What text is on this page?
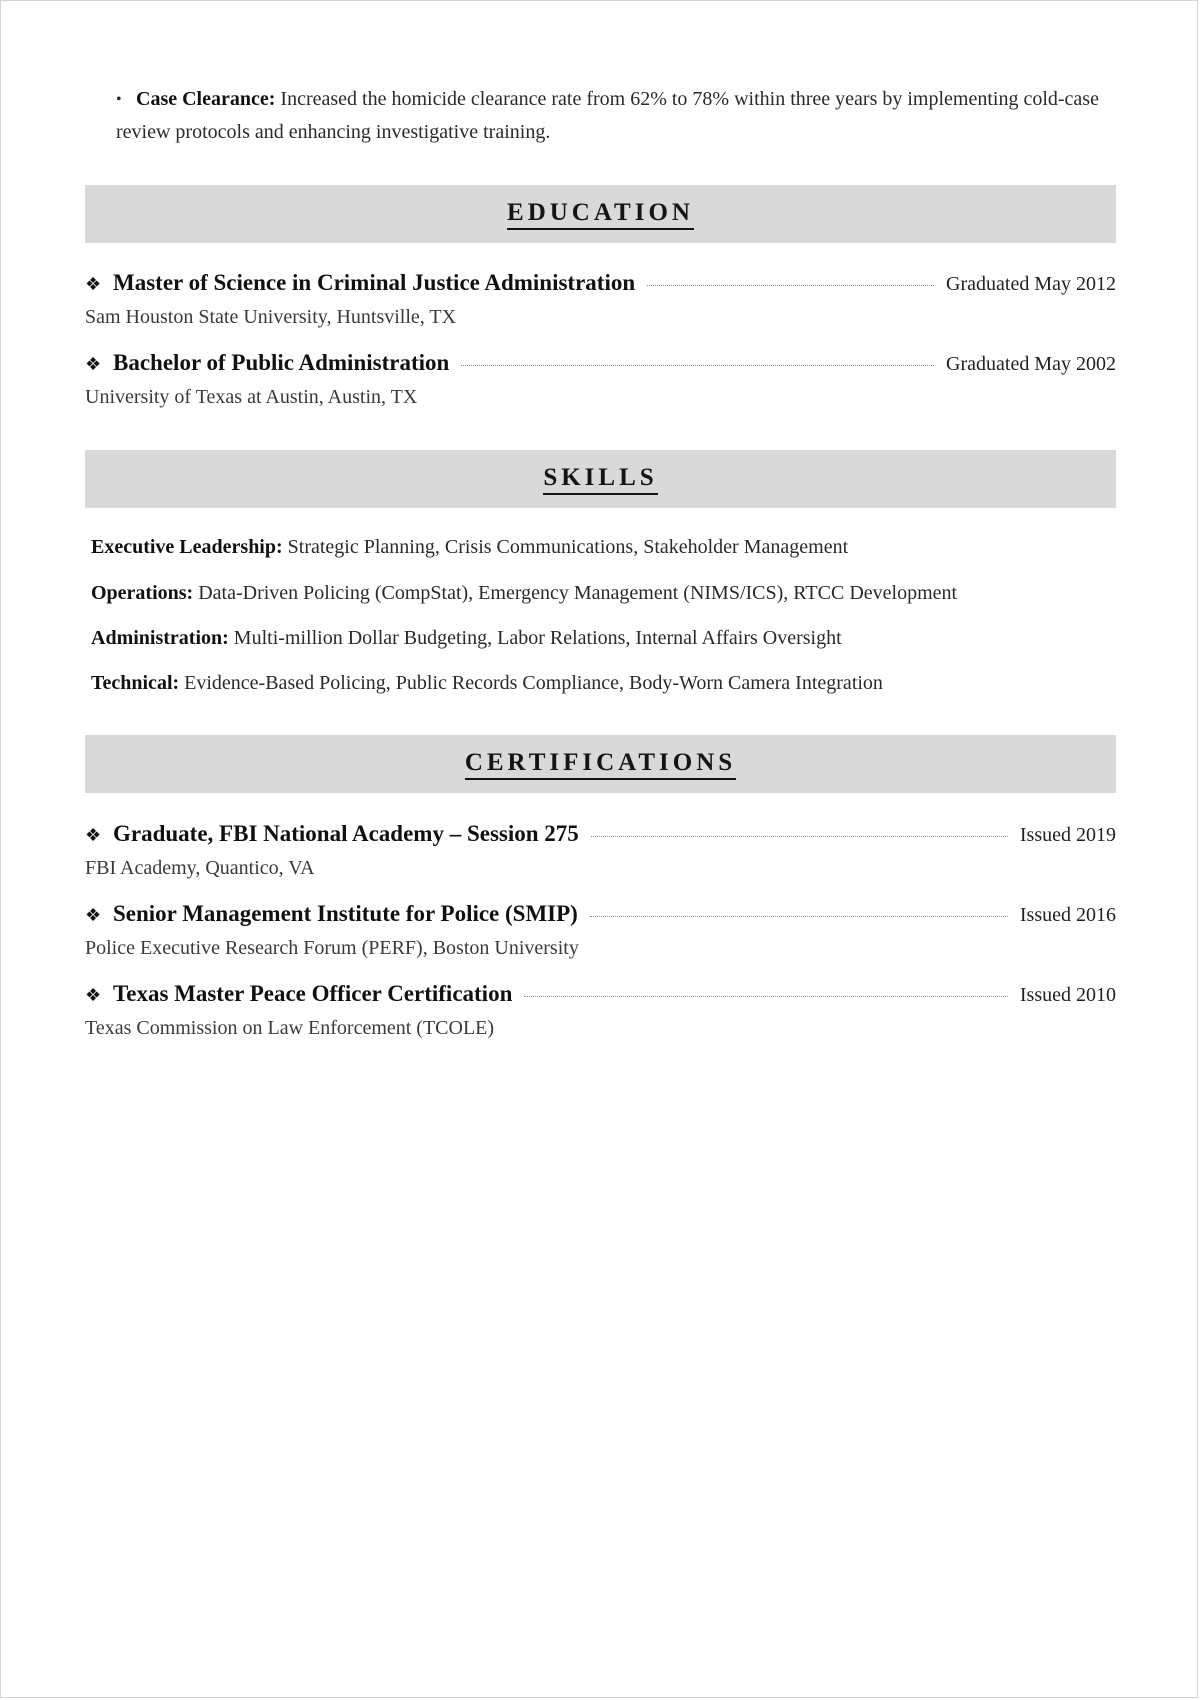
• Case Clearance: Increased the homicide clearance rate from 62% to 78% within three years by implementing cold-case review protocols and enhancing investigative training.
EDUCATION
❖ Master of Science in Criminal Justice Administration	Graduated May 2012
Sam Houston State University, Huntsville, TX
❖ Bachelor of Public Administration	Graduated May 2002
University of Texas at Austin, Austin, TX
SKILLS
Executive Leadership: Strategic Planning, Crisis Communications, Stakeholder Management
Operations: Data-Driven Policing (CompStat), Emergency Management (NIMS/ICS), RTCC Development
Administration: Multi-million Dollar Budgeting, Labor Relations, Internal Affairs Oversight
Technical: Evidence-Based Policing, Public Records Compliance, Body-Worn Camera Integration
CERTIFICATIONS
❖ Graduate, FBI National Academy – Session 275	Issued 2019
FBI Academy, Quantico, VA
❖ Senior Management Institute for Police (SMIP)	Issued 2016
Police Executive Research Forum (PERF), Boston University
❖ Texas Master Peace Officer Certification	Issued 2010
Texas Commission on Law Enforcement (TCOLE)
